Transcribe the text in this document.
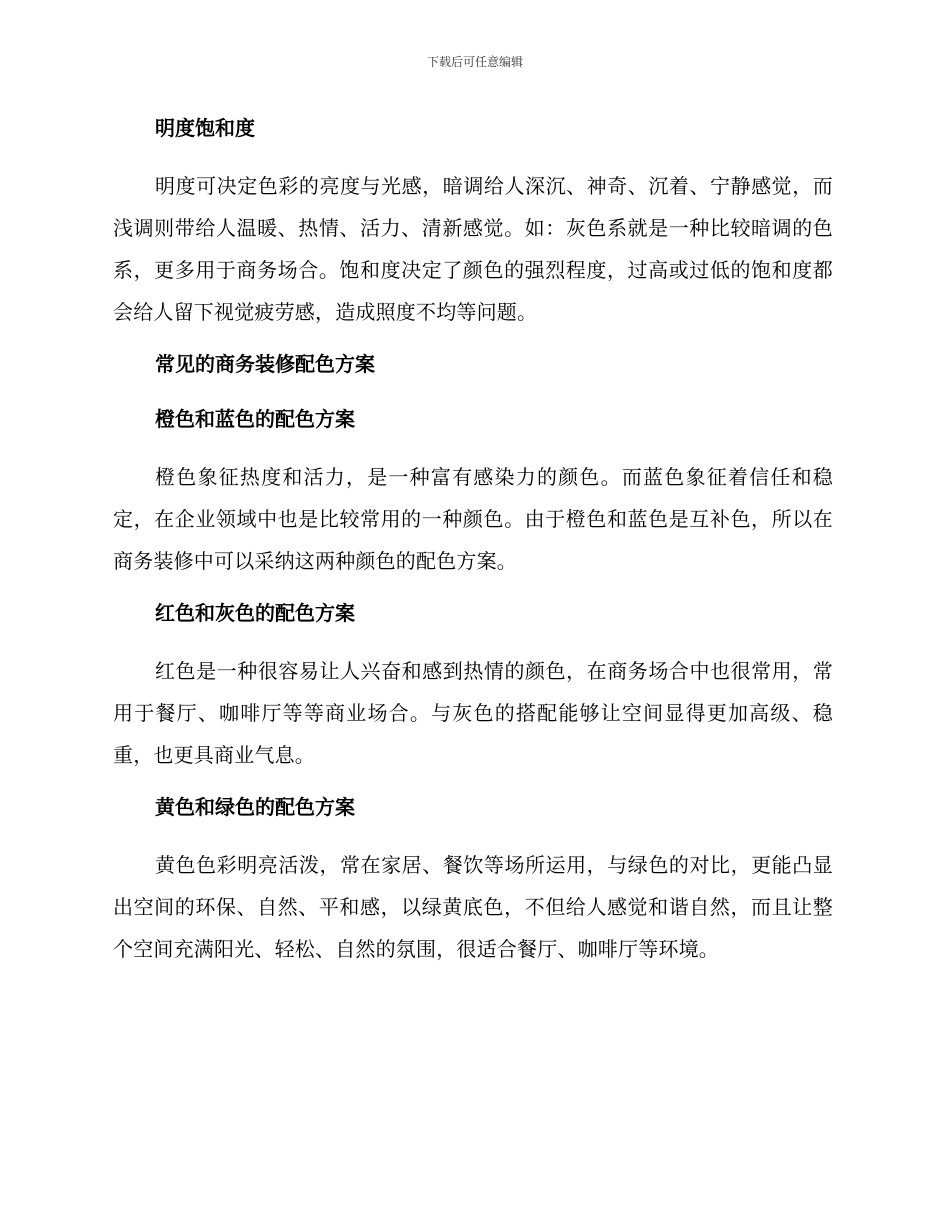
下载后可任意编辑
明度饱和度

明度可决定色彩的亮度与光感，暗调给人深沉、神奇、沉着、宁静感觉，而浅调则带给人温暖、热情、活力、清新感觉。如：灰色系就是一种比较暗调的色系，更多用于商务场合。饱和度决定了颜色的强烈程度，过高或过低的饱和度都会给人留下视觉疲劳感，造成照度不均等问题。

常见的商务装修配色方案
橙色和蓝色的配色方案

橙色象征热度和活力，是一种富有感染力的颜色。而蓝色象征着信任和稳定，在企业领域中也是比较常用的一种颜色。由于橙色和蓝色是互补色，所以在商务装修中可以采纳这两种颜色的配色方案。

红色和灰色的配色方案

红色是一种很容易让人兴奋和感到热情的颜色，在商务场合中也很常用，常用于餐厅、咖啡厅等等商业场合。与灰色的搭配能够让空间显得更加高级、稳重，也更具商业气息。

黄色和绿色的配色方案

黄色色彩明亮活泼，常在家居、餐饮等场所运用，与绿色的对比，更能凸显出空间的环保、自然、平和感，以绿黄底色，不但给人感觉和谐自然，而且让整个空间充满阳光、轻松、自然的氛围，很适合餐厅、咖啡厅等环境。
